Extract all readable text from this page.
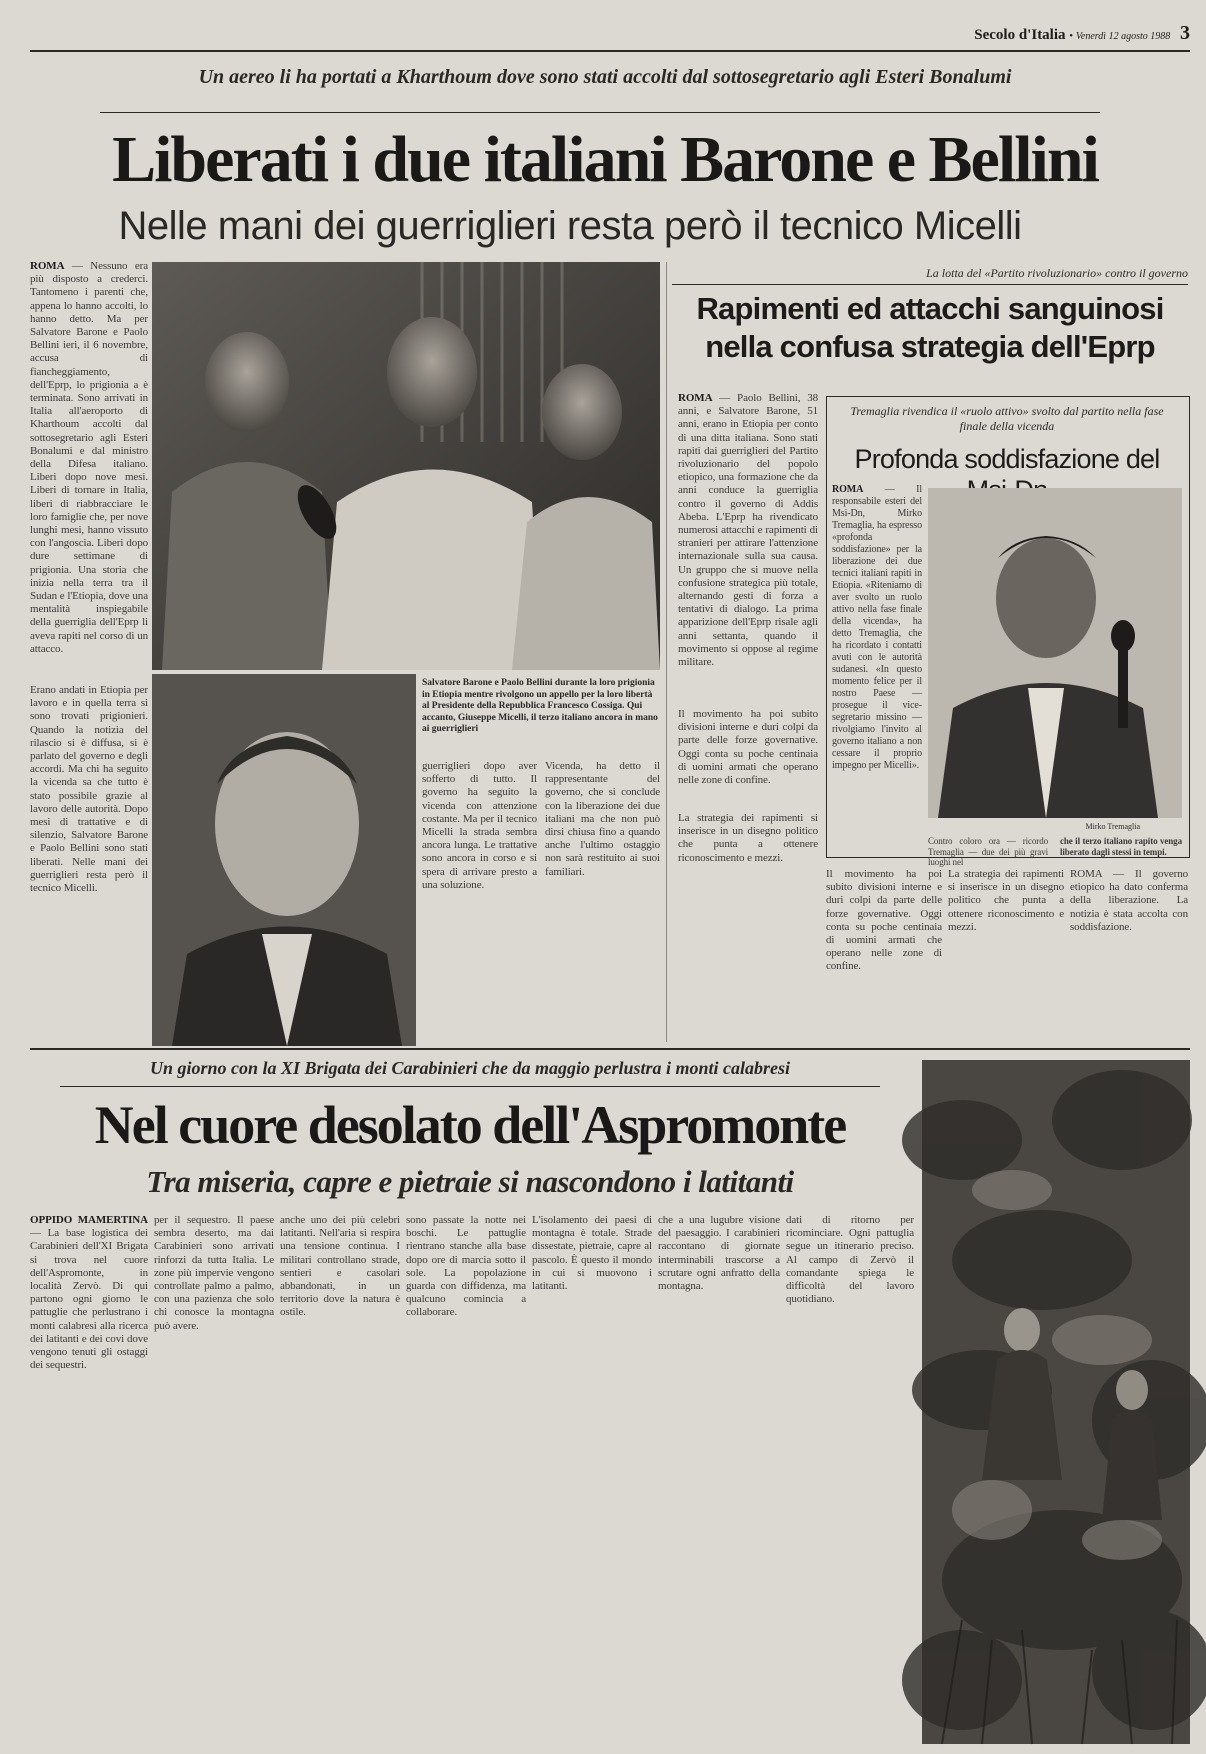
Secolo d'Italia • Venerdì 12 agosto 1988 3
Un aereo li ha portati a Kharthoum dove sono stati accolti dal sottosegretario agli Esteri Bonalumi
Liberati i due italiani Barone e Bellini
Nelle mani dei guerriglieri resta però il tecnico Micelli
ROMA — Nessuno era più disposto a crederci. Tantomeno i parenti che, appena lo hanno accolti, lo hanno detto. Ma per Salvatore Barone e Paolo Bellini ieri, il 6 novembre, accusa di fiancheggiamento, dell'Eprp, lo prigionia a è terminata. Sono arrivati in Italia all'aeroporto di Kharthoum accolti dal sottosegretario agli Esteri Bonalumi e dal ministro della Difesa italiano. Liberi dopo nove mesi. Liberi di tornare in Italia, liberi di riabbracciare le loro famiglie che, per nove lunghi mesi, hanno vissuto con l'angoscia. Liberi dopo dure settimane di prigionia. Una storia che inizia nella terra tra il Sudan e l'Etiopia, dove una mentalità inspiegabile della guerriglia dell'Eprp li aveva rapiti nel corso di un attacco.
Erano andati in Etiopia per lavoro e in quella terra si sono trovati prigionieri. Quando la notizia del rilascio si è diffusa, si è parlato del governo e degli accordi. Ma chi ha seguito la vicenda sa che tutto è stato possibile grazie al lavoro delle autorità. Dopo mesi di trattative e di silenzio, Salvatore Barone e Paolo Bellini sono stati liberati. Nelle mani dei guerriglieri resta però il tecnico Micelli.
Salvatore Barone e Paolo Bellini durante la loro prigionia in Etiopia mentre rivolgono un appello per la loro libertà al Presidente della Repubblica Francesco Cossiga. Qui accanto, Giuseppe Micelli, il terzo italiano ancora in mano ai guerriglieri
guerriglieri dopo aver sofferto di tutto. Il governo ha seguito la vicenda con attenzione costante. Ma per il tecnico Micelli la strada sembra ancora lunga. Le trattative sono ancora in corso e si spera di arrivare presto a una soluzione.
Vicenda, ha detto il rappresentante del governo, che si conclude con la liberazione dei due italiani ma che non può dirsi chiusa fino a quando anche l'ultimo ostaggio non sarà restituito ai suoi familiari.
La lotta del «Partito rivoluzionario» contro il governo
Rapimenti ed attacchi sanguinosi
nella confusa strategia dell'Eprp
ROMA — Paolo Bellini, 38 anni, e Salvatore Barone, 51 anni, erano in Etiopia per conto di una ditta italiana. Sono stati rapiti dai guerriglieri del Partito rivoluzionario del popolo etiopico, una formazione che da anni conduce la guerriglia contro il governo di Addis Abeba. L'Eprp ha rivendicato numerosi attacchi e rapimenti di stranieri per attirare l'attenzione internazionale sulla sua causa. Un gruppo che si muove nella confusione strategica più totale, alternando gesti di forza a tentativi di dialogo. La prima apparizione dell'Eprp risale agli anni settanta, quando il movimento si oppose al regime militare.
Il movimento ha poi subito divisioni interne e duri colpi da parte delle forze governative. Oggi conta su poche centinaia di uomini armati che operano nelle zone di confine.
La strategia dei rapimenti si inserisce in un disegno politico che punta a ottenere riconoscimento e mezzi.
Tremaglia rivendica il «ruolo attivo» svolto dal partito nella fase finale della vicenda
Profonda soddisfazione del
ROMA — Il responsabile esteri del Msi-Dn, Mirko Tremaglia, ha espresso «profonda soddisfazione» per la liberazione dei due tecnici italiani rapiti in Etiopia. «Riteniamo di aver svolto un ruolo attivo nella fase finale della vicenda», ha detto Tremaglia, che ha ricordato i contatti avuti con le autorità sudanesi. «In questo momento felice per il nostro Paese — prosegue il vice-segretario missino — rivolgiamo l'invito al governo italiano a non cessare il proprio impegno per Micelli».
Mirko Tremaglia
Contro coloro ora — ricordo Tremaglia — due dei più gravi luoghi nel
che il terzo italiano rapito venga liberato dagli stessi in tempi.
Il movimento ha poi subito divisioni interne e duri colpi da parte delle forze governative. Oggi conta su poche centinaia di uomini armati che operano nelle zone di confine.
La strategia dei rapimenti si inserisce in un disegno politico che punta a ottenere riconoscimento e mezzi.
ROMA — Il governo etiopico ha dato conferma della liberazione. La notizia è stata accolta con soddisfazione.
Un giorno con la XI Brigata dei Carabinieri che da maggio perlustra i monti calabresi
Nel cuore desolato dell'Aspromonte
Tra miseria, capre e pietraie si nascondono i latitanti
OPPIDO MAMERTINA — La base logistica dei Carabinieri dell'XI Brigata si trova nel cuore dell'Aspromonte, in località Zervò. Di qui partono ogni giorno le pattuglie che perlustrano i monti calabresi alla ricerca dei latitanti e dei covi dove vengono tenuti gli ostaggi dei sequestri.
per il sequestro. Il paese sembra deserto, ma dai Carabinieri sono arrivati rinforzi da tutta Italia. Le zone più impervie vengono controllate palmo a palmo, con una pazienza che solo chi conosce la montagna può avere.
anche uno dei più celebri latitanti. Nell'aria si respira una tensione continua. I militari controllano strade, sentieri e casolari abbandonati, in un territorio dove la natura è ostile.
sono passate la notte nei boschi. Le pattuglie rientrano stanche alla base dopo ore di marcia sotto il sole. La popolazione guarda con diffidenza, ma qualcuno comincia a collaborare.
L'isolamento dei paesi di montagna è totale. Strade dissestate, pietraie, capre al pascolo. È questo il mondo in cui si muovono i latitanti.
che a una lugubre visione del paesaggio. I carabinieri raccontano di giornate interminabili trascorse a scrutare ogni anfratto della montagna.
dati di ritorno per ricominciare. Ogni pattuglia segue un itinerario preciso. Al campo di Zervò il comandante spiega le difficoltà del lavoro quotidiano.
